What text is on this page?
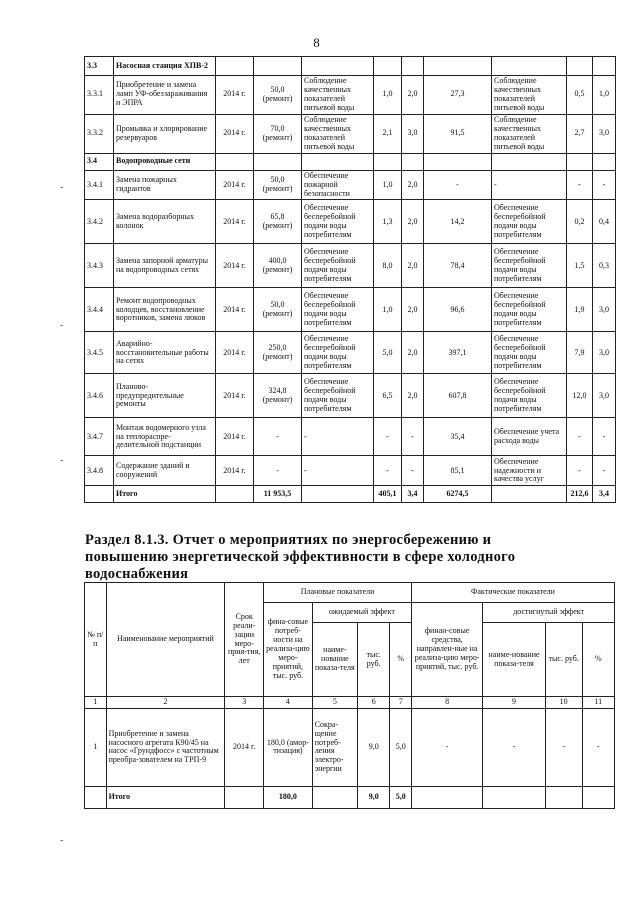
8
3.3	Насосная станция ХПВ-2									
3.3.1	Приобретение и замена ламп УФ-обеззараживания и ЭПРА	2014 г.	50,0 (ремонт)	Соблюдение качественных показателей питьевой воды	1,0	2,0	27,3	Соблюдение качественных показателей питьевой воды	0,5	1,0
3.3.2	Промывка и хлорирование резервуаров	2014 г.	70,0 (ремонт)	Соблюдение качественных показателей питьевой воды	2,1	3,0	91,5	Соблюдение качественных показателей питьевой воды	2,7	3,0
3.4	Водопроводные сети									
3.4.1	Замена пожарных гидрантов	2014 г.	50,0 (ремонт)	Обеспечение пожарной безопасности	1,0	2,0	-	-	-	-
3.4.2	Замена водоразборных колонок	2014 г.	65,8 (ремонт)	Обеспечение бесперебойной подачи воды потребителям	1,3	2,0	14,2	Обеспечение бесперебойной подачи воды потребителям	0,2	0,4
3.4.3	Замена запорной арматуры на водопроводных сетях	2014 г.	400,0 (ремонт)	Обеспечение бесперебойной подачи воды потребителям	8,0	2,0	78,4	Обеспечение бесперебойной подачи воды потребителям	1,5	0,3
3.4.4	Ремонт водопроводных колодцев, восстановление воротников, замена люков	2014 г.	50,0 (ремонт)	Обеспечение бесперебойной подачи воды потребителям	1,0	2,0	96,6	Обеспечение бесперебойной подачи воды потребителям	1,9	3,0
3.4.5	Аварийно-восстановительные работы на сетях	2014 г.	250,0 (ремонт)	Обеспечение бесперебойной подачи воды потребителям	5,0	2,0	397,1	Обеспечение бесперебойной подачи воды потребителям	7,9	3,0
3.4.6	Планово-предупредительные ремонты	2014 г.	324,8 (ремонт)	Обеспечение бесперебойной подачи воды потребителям	6,5	2,0	607,8	Обеспечение бесперебойной подачи воды потребителям	12,0	3,0
3.4.7	Монтаж водомерного узла на теплораспре-делительной подстанции	2014 г.	-	-	-	-	35,4	Обеспечение учета расхода воды	-	-
3.4.8	Содержание зданий и сооружений	2014 г.	-	-	-	-	85,1	Обеспечение надежности и качества услуг	-	-
	Итого		11 953,5		405,1	3,4	6274,5		212,6	3,4
Раздел 8.1.3. Отчет о мероприятиях по энергосбережению и
повышению энергетической эффективности в сфере холодного
водоснабжения
№ п/п	Наименование мероприятий	Срок реали-зации меро-прия-тия, лет	Плановые показатели				Фактические показатели			
			фина-совые потреб-ности на реализа-цию меро-приятий, тыс. руб.	ожидаемый эффект			финан-совые средства, направлен-ные на реализа-цию меро-приятий, тыс. руб.	достигнутый эффект		
				наиме-нование показа-теля	тыс. руб.	%		наиме-нование показа-теля	тыс. руб.	%
1	2	3	4	5	6	7	8	9	10	11
1	Приобретение и замена насосного агрегата К90/45 на насос «Грундфосс» с частотным преобра-зователем на ТРП-9	2014 г.	180,0 (амор-тизация)	Сокра-щение потреб-ления электро-энергии	9,0	5,0	-	-	-	-
	Итого		180,0		9,0	5,0				
-
-
-
-
